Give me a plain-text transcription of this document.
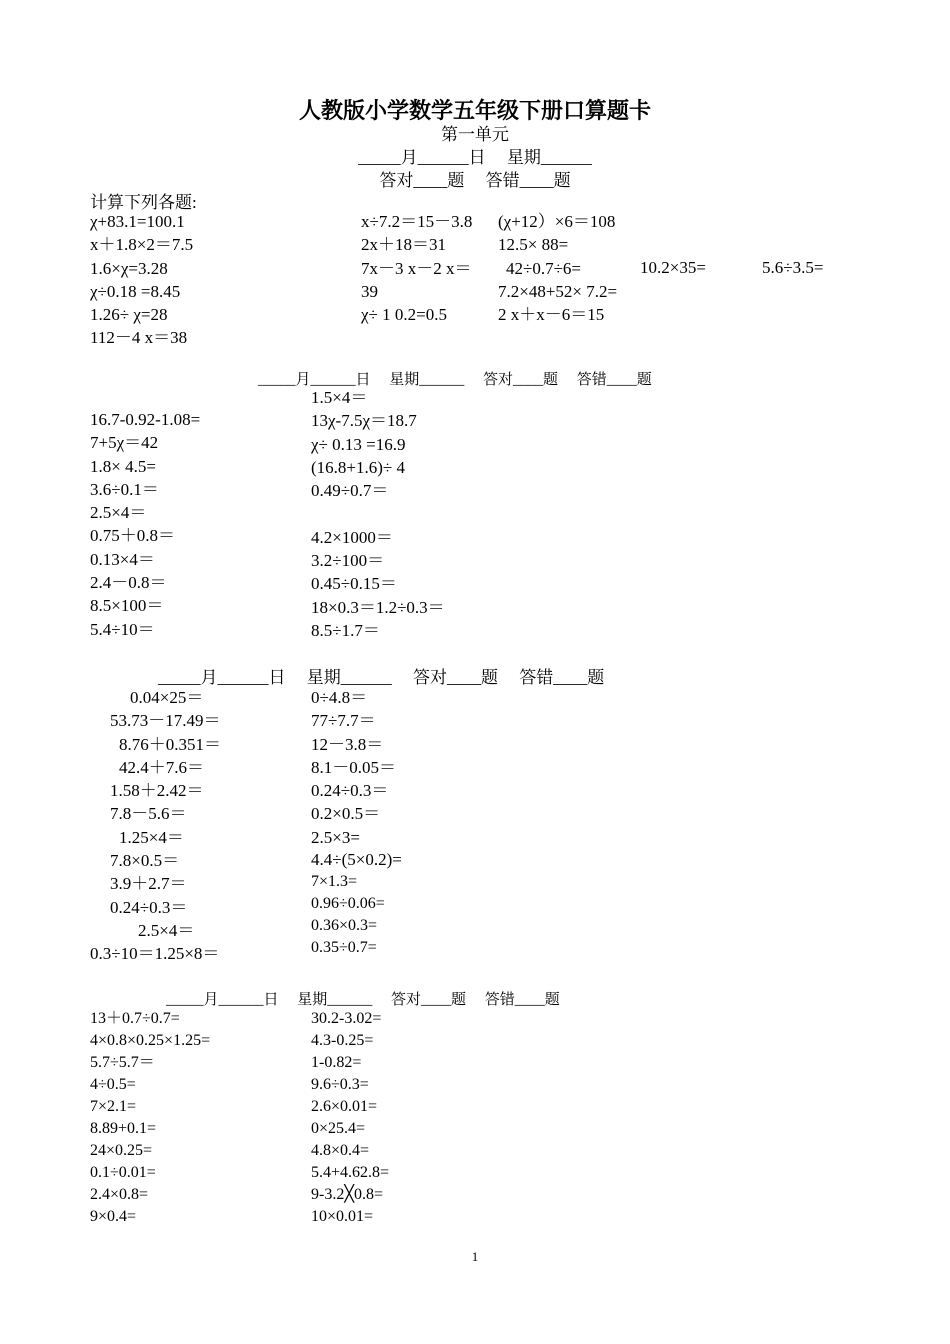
人教版小学数学五年级下册口算题卡
第一单元
_____月______日　 星期______
答对____题　 答错____题
计算下列各题:
χ+83.1=100.1
x＋1.8×2＝7.5
1.6×χ=3.28
χ÷0.18 =8.45
1.26÷ χ=28
112－4 x＝38
x÷7.2＝15－3.8
2x＋18＝31
7x－3 x－2 x＝
39
χ÷ 1 0.2=0.5
(χ+12）×6＝108
12.5× 88=
42÷0.7÷6=
7.2×48+52× 7.2=
2 x＋x－6＝15
10.2×35=	5.6÷3.5=
_____月______日　 星期______　 答对____题　 答错____题
16.7-0.92-1.08=
7+5χ＝42
1.8× 4.5=
3.6÷0.1＝
2.5×4＝
0.75＋0.8＝
0.13×4＝
2.4－0.8＝
8.5×100＝
5.4÷10＝
1.5×4＝
13χ-7.5χ＝18.7
χ÷ 0.13 =16.9
(16.8+1.6)÷ 4
0.49÷0.7＝
4.2×1000＝
3.2÷100＝
0.45÷0.15＝
18×0.3＝1.2÷0.3＝
8.5÷1.7＝
_____月______日　 星期______　 答对____题　 答错____题
0.04×25＝
53.73－17.49＝
8.76＋0.351＝
42.4＋7.6＝
1.58＋2.42＝
7.8－5.6＝
1.25×4＝
7.8×0.5＝
3.9＋2.7＝
0.24÷0.3＝
2.5×4＝
0.3÷10＝1.25×8＝
0÷4.8＝
77÷7.7＝
12－3.8＝
8.1－0.05＝
0.24÷0.3＝
0.2×0.5＝
2.5×3=
4.4÷(5×0.2)=
7×1.3=
0.96÷0.06=
0.36×0.3=
0.35÷0.7=
_____月______日　 星期______　 答对____题　 答错____题
13＋0.7÷0.7=
4×0.8×0.25×1.25=
5.7÷5.7＝
4÷0.5=
7×2.1=
8.89+0.1=
24×0.25=
0.1÷0.01=
2.4×0.8=
9×0.4=
30.2-3.02=
4.3-0.25=
1-0.82=
9.6÷0.3=
2.6×0.01=
0×25.4=
4.8×0.4=
5.4+4.6̈2.8=
9-3.2╳0.8=
10×0.01=
1
